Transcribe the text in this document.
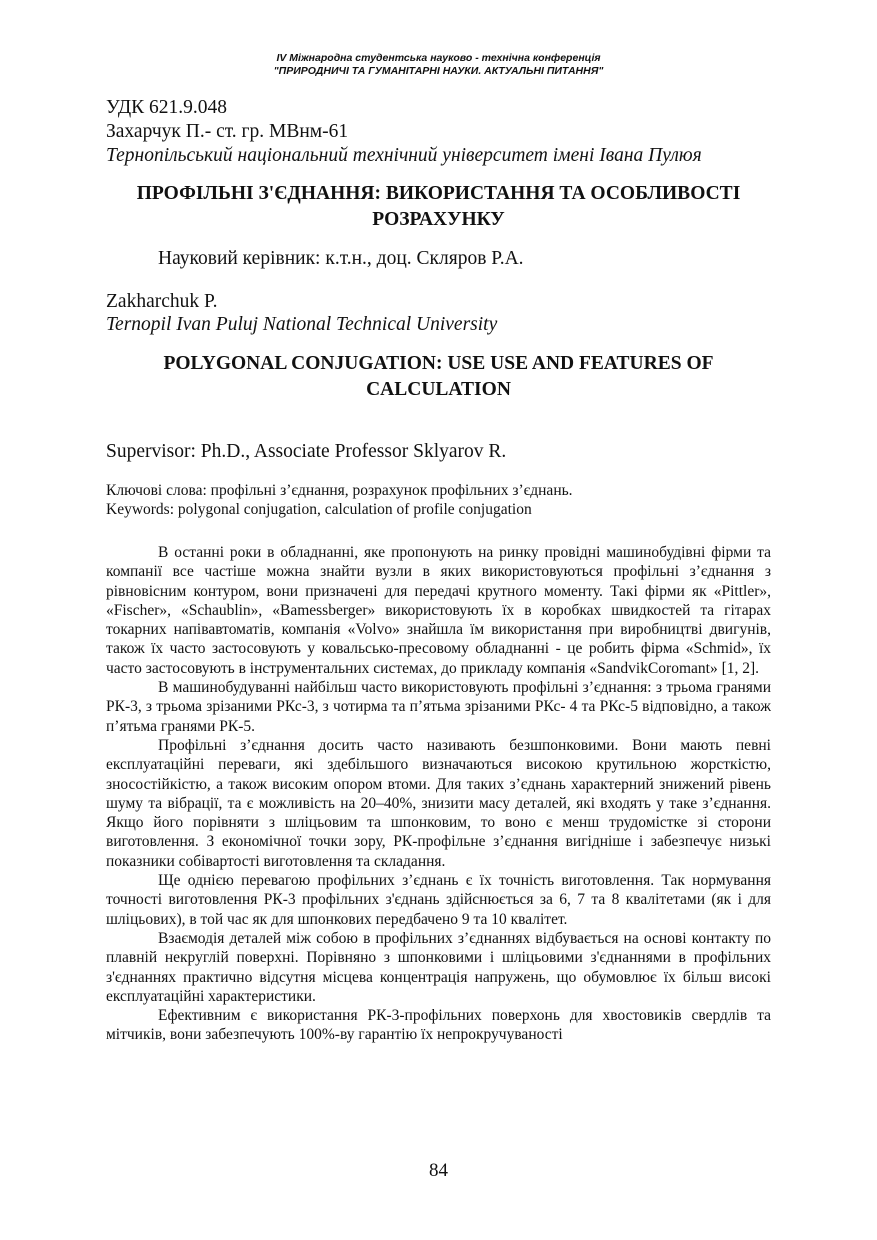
IV Міжнародна студентська науково - технічна конференція
"ПРИРОДНИЧІ ТА ГУМАНІТАРНІ НАУКИ. АКТУАЛЬНІ ПИТАННЯ"
УДК 621.9.048
Захарчук П.- ст. гр. МВнм-61
Тернопільський національний технічний університет імені Івана Пулюя
ПРОФІЛЬНІ З'ЄДНАННЯ: ВИКОРИСТАННЯ ТА ОСОБЛИВОСТІ РОЗРАХУНКУ
Науковий керівник: к.т.н., доц. Скляров Р.А.
Zakharchuk P.
Ternopil Ivan Puluj National Technical University
POLYGONAL CONJUGATION: USE USE AND FEATURES OF CALCULATION
Supervisor: Ph.D., Associate Professor Sklyarov R.
Ключові слова: профільні з’єднання, розрахунок профільних з’єднань.
Keywords: polygonal conjugation, calculation of profile conjugation

В останні роки в обладнанні, яке пропонують на ринку провідні машинобудівні фірми та компанії все частіше можна знайти вузли в яких використовуються профільні з’єднання з рівновісним контуром, вони призначені для передачі крутного моменту. Такі фірми як «Pittler», «Fischer», «Schaublin», «Bamessberger» використовують їх в коробках швидкостей та гітарах токарних напівавтоматів, компанія «Volvo» знайшла їм використання при виробництві двигунів, також їх часто застосовують у ковальсько-пресовому обладнанні - це робить фірма «Schmid», їх часто застосовують в інструментальних системах, до прикладу компанія «SandvikCoromant» [1, 2].

В машинобудуванні найбільш часто використовують профільні з’єднання: з трьома гранями РК-3, з трьома зрізаними РКс-3, з чотирма та п’ятьма зрізаними РКс- 4 та РКс-5 відповідно, а також п’ятьма гранями РК-5.

Профільні з’єднання досить часто називають безшпонковими. Вони мають певні експлуатаційні переваги, які здебільшого визначаються високою крутильною жорсткістю, зносостійкістю, а також високим опором втоми. Для таких з’єднань характерний знижений рівень шуму та вібрації, та є можливість на 20–40%, знизити масу деталей, які входять у таке з’єднання. Якщо його порівняти з шліцьовим та шпонковим, то воно є менш трудомістке зі сторони виготовлення. З економічної точки зору, РК-профільне з’єднання вигідніше і забезпечує низькі показники собівартості виготовлення та складання.

Ще однією перевагою профільних з’єднань є їх точність виготовлення. Так нормування точності виготовлення РК-3 профільних з'єднань здійснюється за 6, 7 та 8 квалітетами (як і для шліцьових), в той час як для шпонкових передбачено 9 та 10 квалітет.

Взаємодія деталей між собою в профільних з’єднаннях відбувається на основі контакту по плавній некруглій поверхні. Порівняно з шпонковими і шліцьовими з'єднаннями в профільних з'єднаннях практично відсутня місцева концентрація напружень, що обумовлює їх більш високі експлуатаційні характеристики.

Ефективним є використання РК-3-профільних поверхонь для хвостовиків свердлів та мітчиків, вони забезпечують 100%-ву гарантію їх непрокручуваності

84
